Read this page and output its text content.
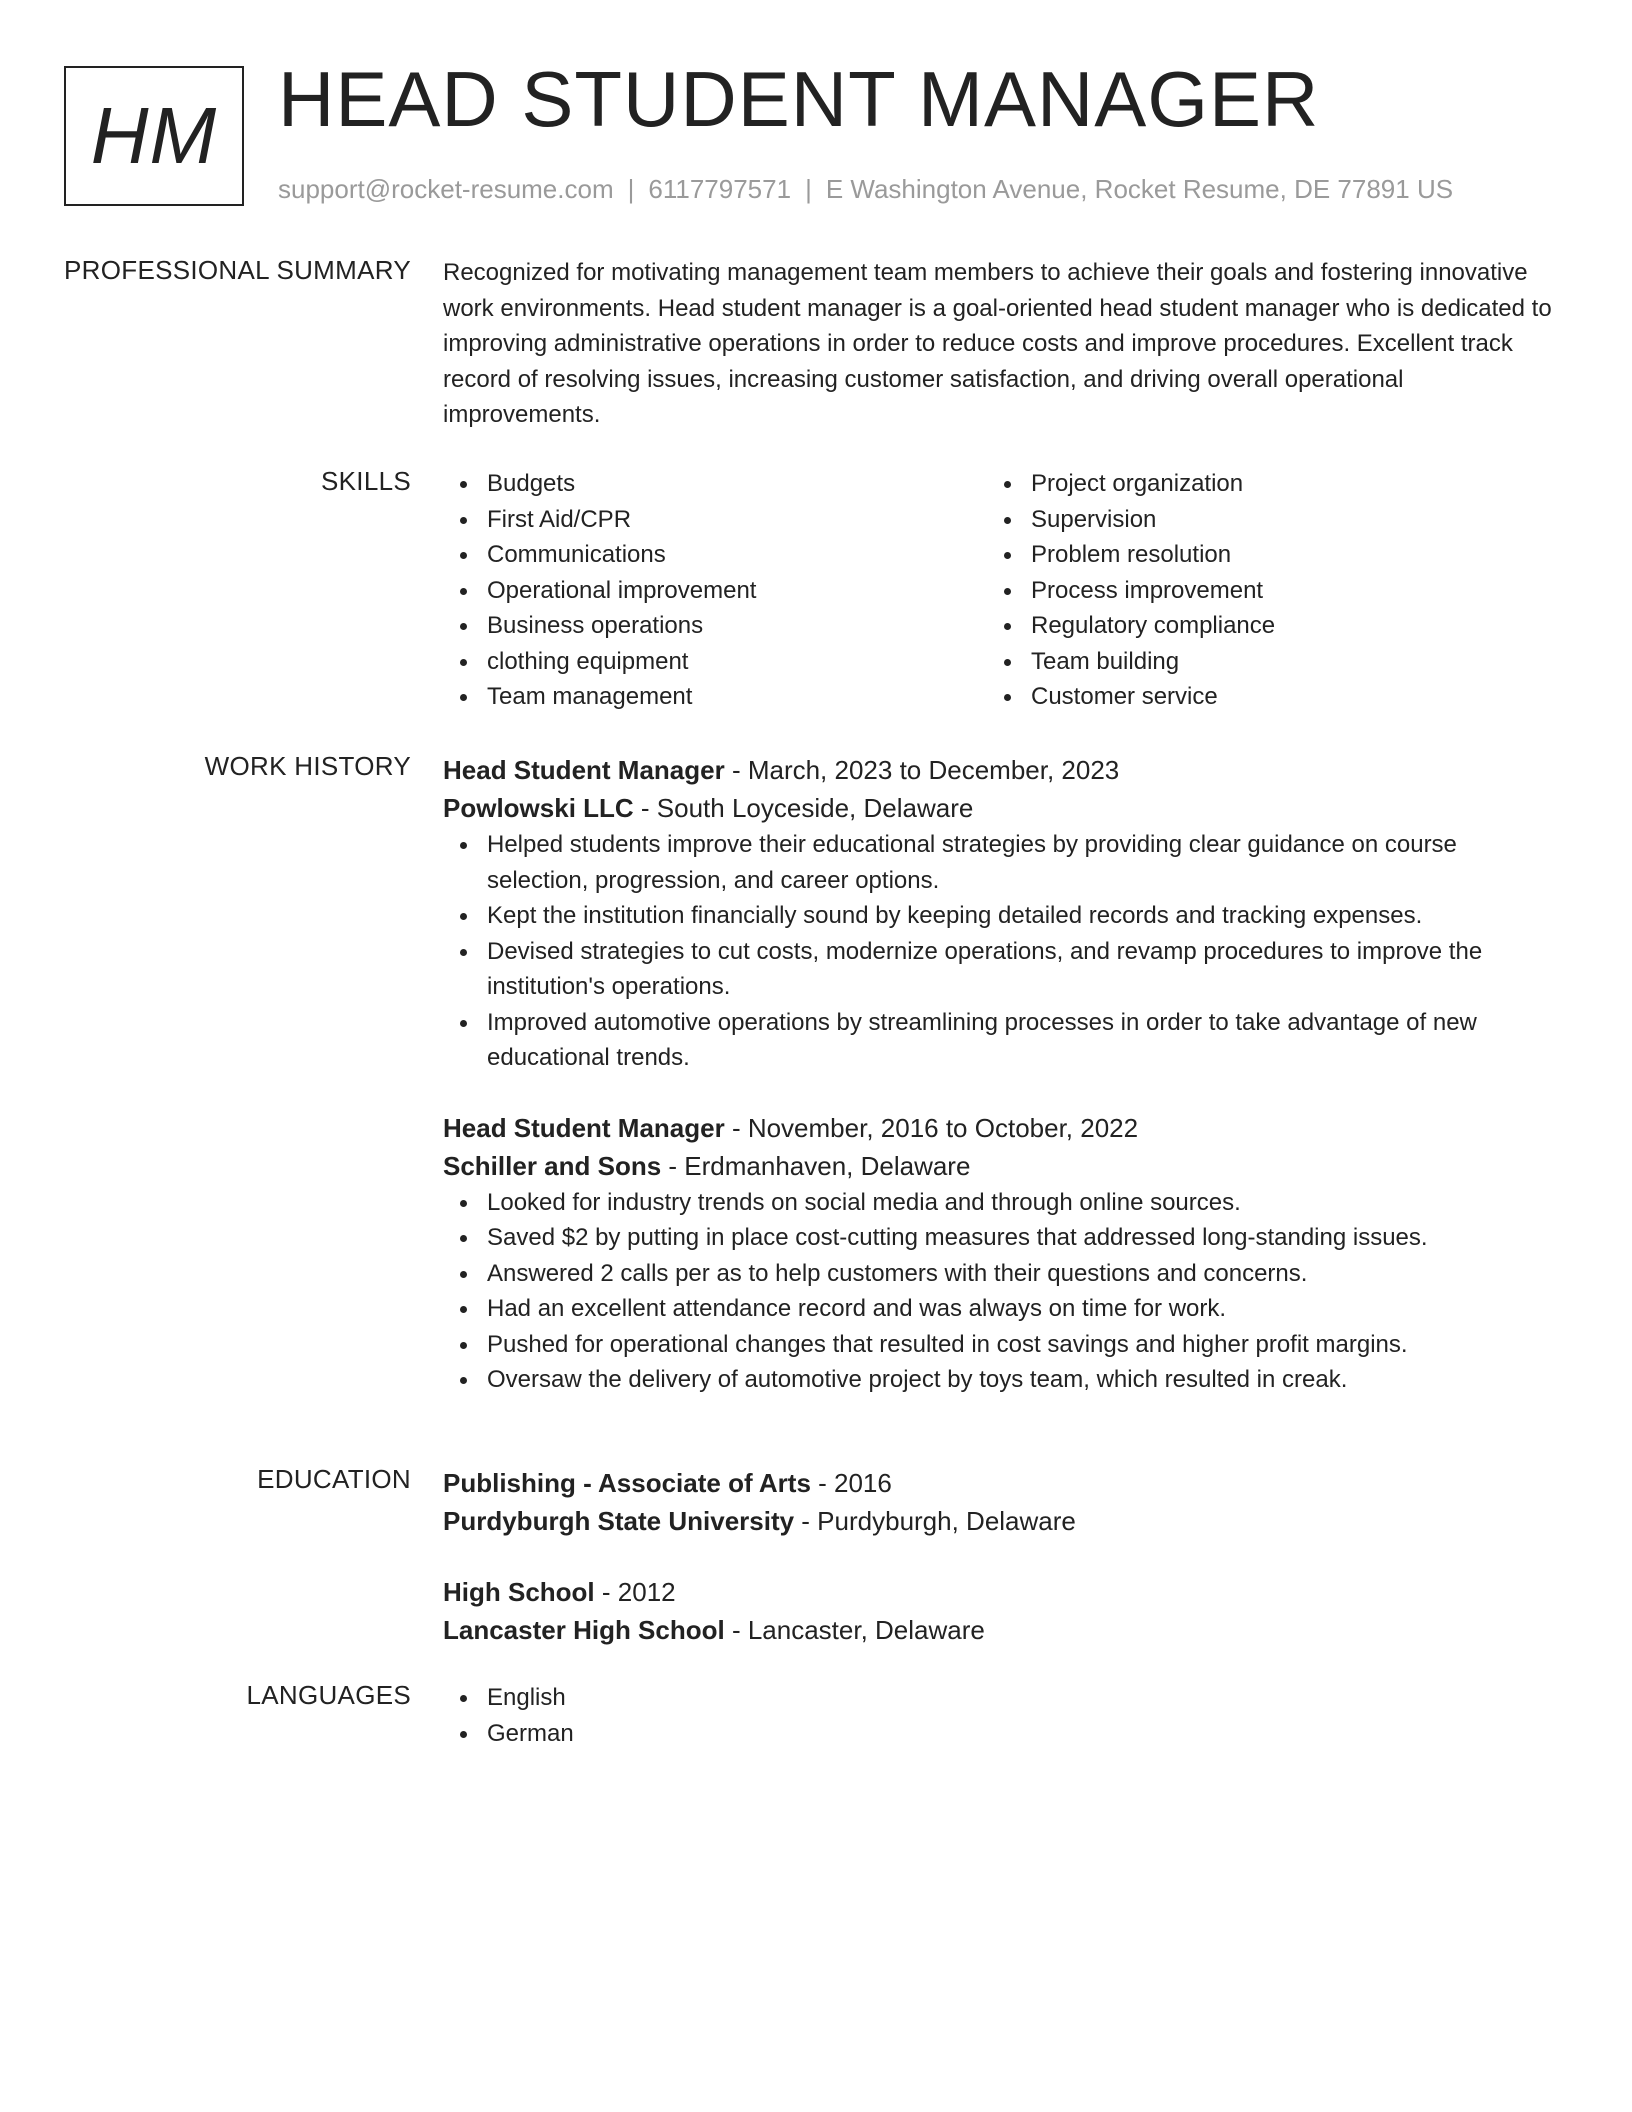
HM HEAD STUDENT MANAGER
support@rocket-resume.com | 6117797571 | E Washington Avenue, Rocket Resume, DE 77891 US
PROFESSIONAL SUMMARY Recognized for motivating management team members to achieve their goals and fostering innovative work environments. Head student manager is a goal-oriented head student manager who is dedicated to improving administrative operations in order to reduce costs and improve procedures. Excellent track record of resolving issues, increasing customer satisfaction, and driving overall operational improvements.

SKILLS	Budgets
First Aid/CPR
Communications
Operational improvement
Business operations
clothing equipment
Team management
Project organization
Supervision
Problem resolution
Process improvement
Regulatory compliance
Team building
Customer service
WORK HISTORY Head Student Manager - March, 2023 to December, 2023
Powlowski LLC - South Loyceside, Delaware
Helped students improve their educational strategies by providing clear guidance on course selection, progression, and career options.
Kept the institution financially sound by keeping detailed records and tracking expenses.
Devised strategies to cut costs, modernize operations, and revamp procedures to improve the institution's operations.
Improved automotive operations by streamlining processes in order to take advantage of new educational trends.
Head Student Manager - November, 2016 to October, 2022
Schiller and Sons - Erdmanhaven, Delaware
Looked for industry trends on social media and through online sources.
Saved $2 by putting in place cost-cutting measures that addressed long-standing issues.
Answered 2 calls per as to help customers with their questions and concerns.
Had an excellent attendance record and was always on time for work.
Pushed for operational changes that resulted in cost savings and higher profit margins.
Oversaw the delivery of automotive project by toys team, which resulted in creak.
EDUCATION Publishing - Associate of Arts - 2016
Purdyburgh State University - Purdyburgh, Delaware
High School - 2012
Lancaster High School - Lancaster, Delaware
LANGUAGES	English
German
